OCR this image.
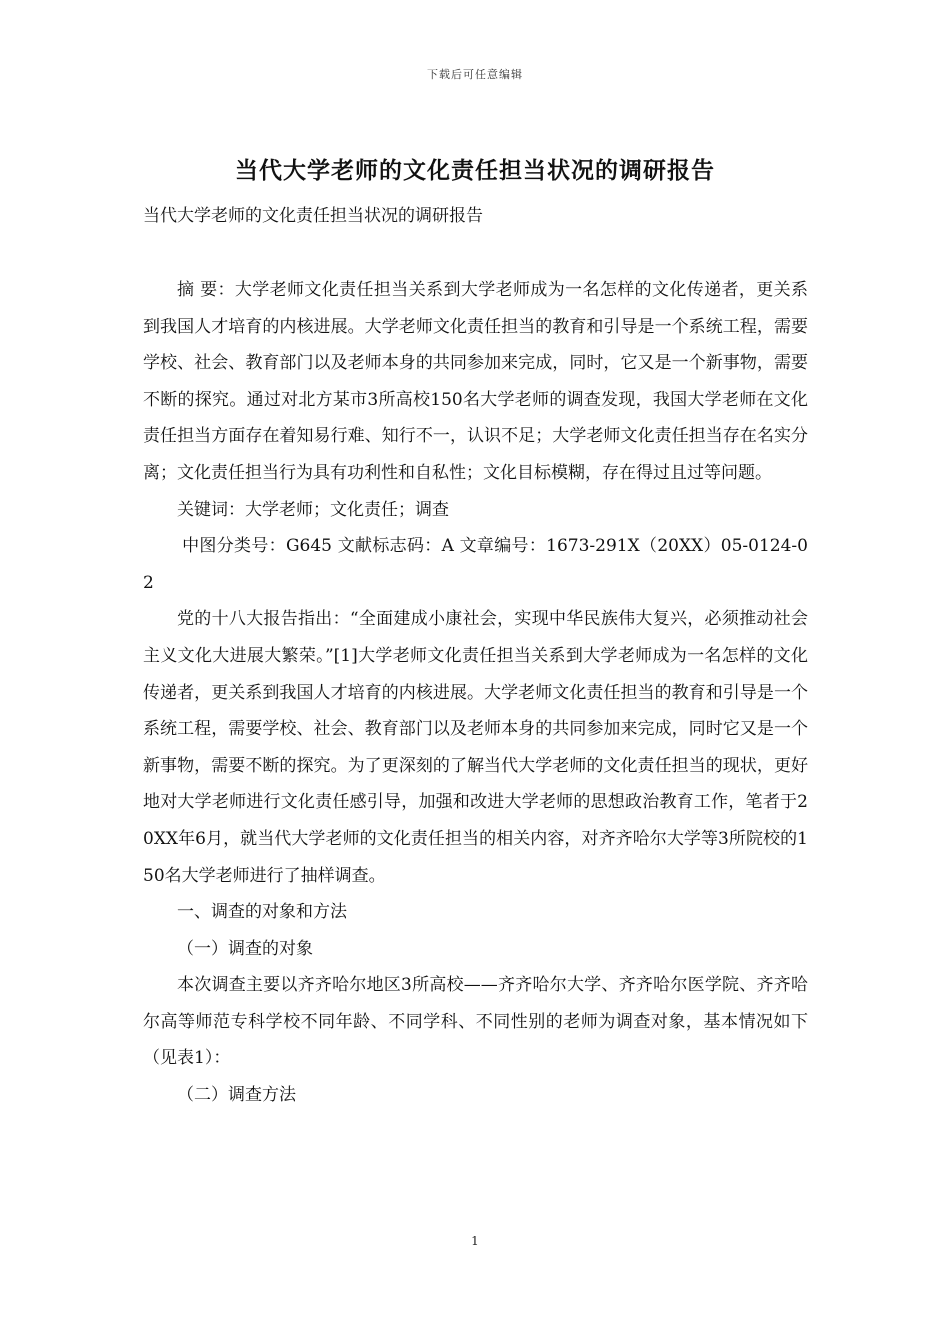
下载后可任意编辑
当代大学老师的文化责任担当状况的调研报告

当代大学老师的文化责任担当状况的调研报告

摘 要：大学老师文化责任担当关系到大学老师成为一名怎样的文化传递者，更关系到我国人才培育的内核进展。大学老师文化责任担当的教育和引导是一个系统工程，需要学校、社会、教育部门以及老师本身的共同参加来完成，同时，它又是一个新事物，需要不断的探究。通过对北方某市3所高校150名大学老师的调查发现，我国大学老师在文化责任担当方面存在着知易行难、知行不一，认识不足；大学老师文化责任担当存在名实分离；文化责任担当行为具有功利性和自私性；文化目标模糊，存在得过且过等问题。

关键词：大学老师；文化责任；调查

中图分类号：G645 文献标志码：A 文章编号：1673-291X（20XX）05-0124-02

党的十八大报告指出：“全面建成小康社会，实现中华民族伟大复兴，必须推动社会主义文化大进展大繁荣。”[1]大学老师文化责任担当关系到大学老师成为一名怎样的文化传递者，更关系到我国人才培育的内核进展。大学老师文化责任担当的教育和引导是一个系统工程，需要学校、社会、教育部门以及老师本身的共同参加来完成，同时它又是一个新事物，需要不断的探究。为了更深刻的了解当代大学老师的文化责任担当的现状，更好地对大学老师进行文化责任感引导，加强和改进大学老师的思想政治教育工作，笔者于20XX年6月，就当代大学老师的文化责任担当的相关内容，对齐齐哈尔大学等3所院校的150名大学老师进行了抽样调查。

一、调查的对象和方法

（一）调查的对象

本次调查主要以齐齐哈尔地区3所高校——齐齐哈尔大学、齐齐哈尔医学院、齐齐哈尔高等师范专科学校不同年龄、不同学科、不同性别的老师为调查对象，基本情况如下（见表1）：

（二）调查方法

1
